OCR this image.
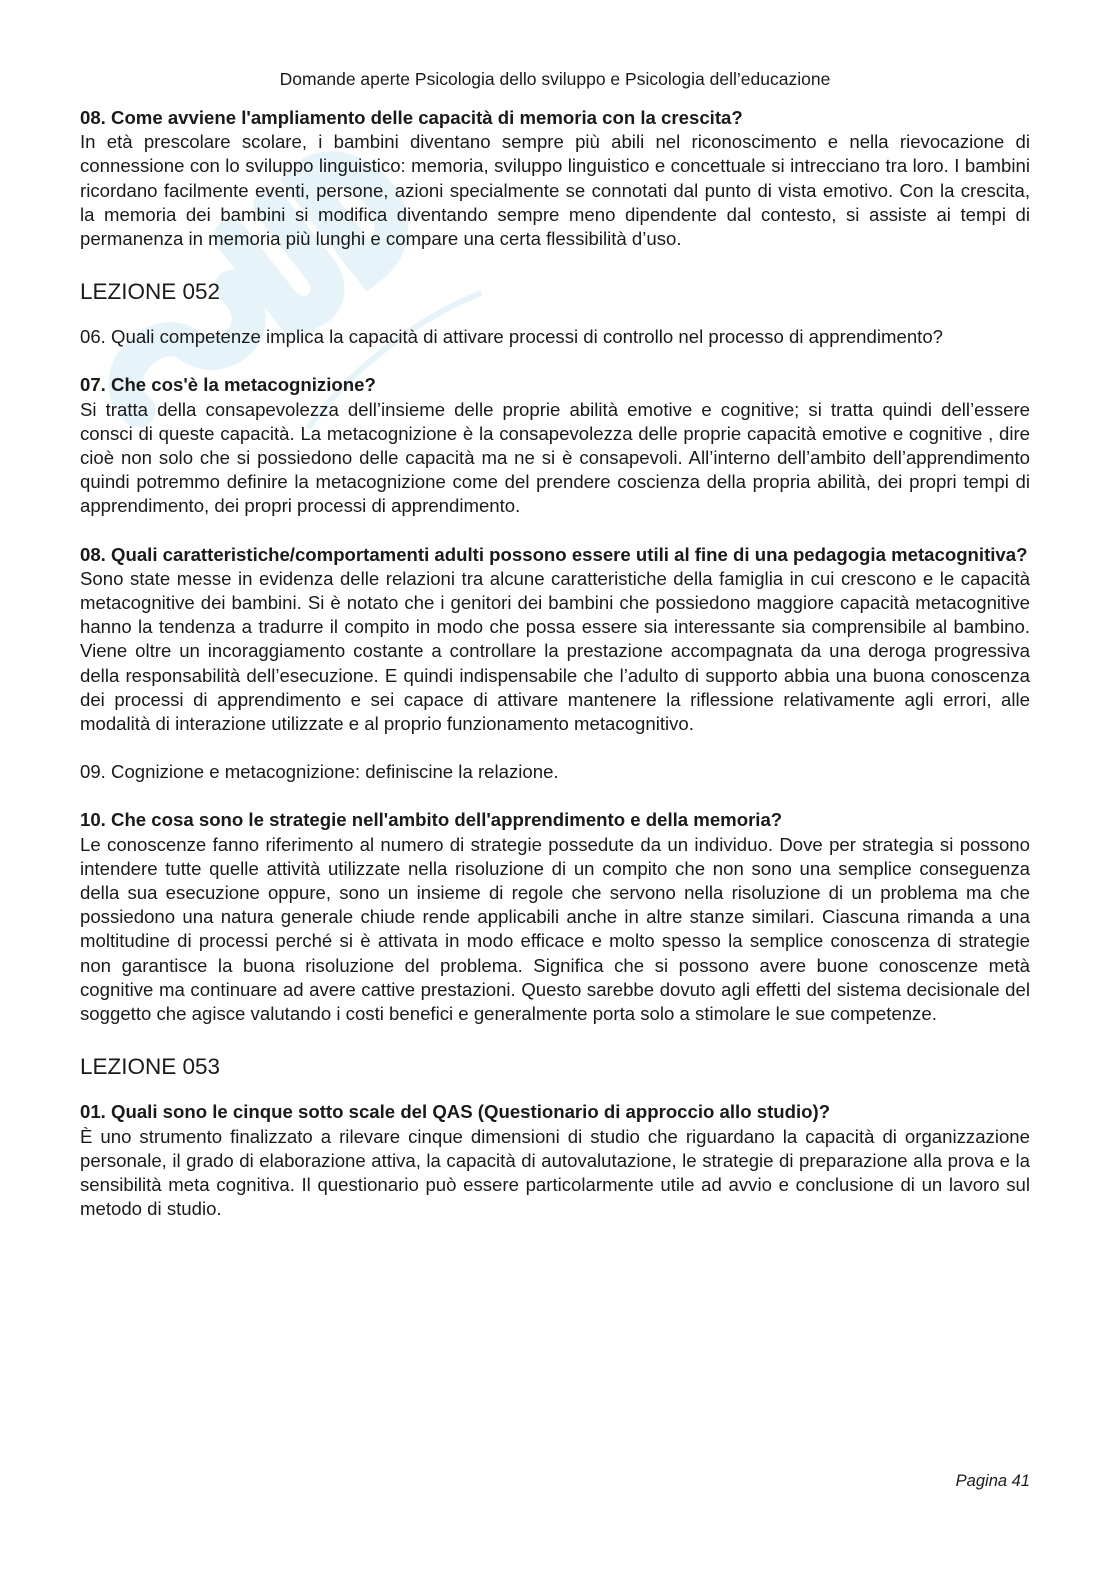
Domande aperte Psicologia dello sviluppo e Psicologia dell’educazione

08. Come avviene l'ampliamento delle capacità di memoria con la crescita?

In età prescolare scolare, i bambini diventano sempre più abili nel riconoscimento e nella rievocazione di connessione con lo sviluppo linguistico: memoria, sviluppo linguistico e concettuale si intrecciano tra loro. I bambini ricordano facilmente eventi, persone, azioni specialmente se connotati dal punto di vista emotivo. Con la crescita, la memoria dei bambini si modifica diventando sempre meno dipendente dal contesto, si assiste ai tempi di permanenza in memoria più lunghi e compare una certa flessibilità d’uso.

LEZIONE 052

06. Quali competenze implica la capacità di attivare processi di controllo nel processo di apprendimento?

07. Che cos'è la metacognizione?

Si tratta della consapevolezza dell’insieme delle proprie abilità emotive e cognitive; si tratta quindi dell’essere consci di queste capacità. La metacognizione è la consapevolezza delle proprie capacità emotive e cognitive , dire cioè non solo che si possiedono delle capacità ma ne si è consapevoli. All’interno dell’ambito dell’apprendimento quindi potremmo definire la metacognizione come del prendere coscienza della propria abilità, dei propri tempi di apprendimento, dei propri processi di apprendimento.

08. Quali caratteristiche/comportamenti adulti possono essere utili al fine di una pedagogia metacognitiva?

Sono state messe in evidenza delle relazioni tra alcune caratteristiche della famiglia in cui crescono e le capacità metacognitive dei bambini. Si è notato che i genitori dei bambini che possiedono maggiore capacità metacognitive hanno la tendenza a tradurre il compito in modo che possa essere sia interessante sia comprensibile al bambino. Viene oltre un incoraggiamento costante a controllare la prestazione accompagnata da una deroga progressiva della responsabilità dell’esecuzione. E quindi indispensabile che l’adulto di supporto abbia una buona conoscenza dei processi di apprendimento e sei capace di attivare mantenere la riflessione relativamente agli errori, alle modalità di interazione utilizzate e al proprio funzionamento metacognitivo.

09. Cognizione e metacognizione: definiscine la relazione.

10. Che cosa sono le strategie nell'ambito dell'apprendimento e della memoria?

Le conoscenze fanno riferimento al numero di strategie possedute da un individuo. Dove per strategia si possono intendere tutte quelle attività utilizzate nella risoluzione di un compito che non sono una semplice conseguenza della sua esecuzione oppure, sono un insieme di regole che servono nella risoluzione di un problema ma che possiedono una natura generale chiude rende applicabili anche in altre stanze similari. Ciascuna rimanda a una moltitudine di processi perché si è attivata in modo efficace e molto spesso la semplice conoscenza di strategie non garantisce la buona risoluzione del problema. Significa che si possono avere buone conoscenze metà cognitive ma continuare ad avere cattive prestazioni. Questo sarebbe dovuto agli effetti del sistema decisionale del soggetto che agisce valutando i costi benefici e generalmente porta solo a stimolare le sue competenze.

LEZIONE 053

01. Quali sono le cinque sotto scale del QAS (Questionario di approccio allo studio)?

È uno strumento finalizzato a rilevare cinque dimensioni di studio che riguardano la capacità di organizzazione personale, il grado di elaborazione attiva, la capacità di autovalutazione, le strategie di preparazione alla prova e la sensibilità meta cognitiva. Il questionario può essere particolarmente utile ad avvio e conclusione di un lavoro sul metodo di studio.

Pagina 41
